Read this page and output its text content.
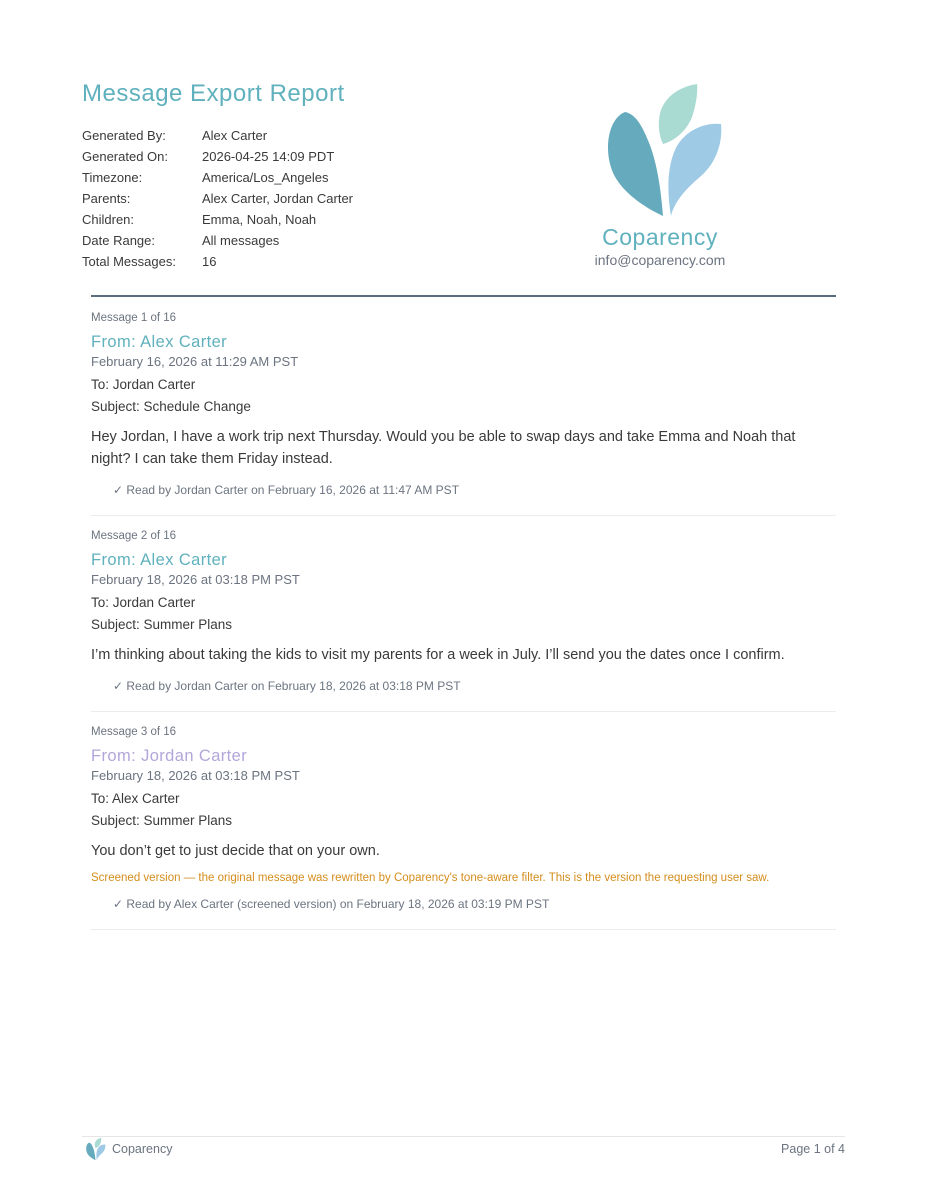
Message Export Report
Generated By:	Alex Carter
Generated On:	2026-04-25 14:09 PDT
Timezone:	America/Los_Angeles
Parents:	Alex Carter, Jordan Carter
Children:	Emma, Noah, Noah
Date Range:	All messages
Total Messages:	16
Coparency
info@coparency.com
Message 1 of 16
From: Alex Carter
February 16, 2026 at 11:29 AM PST
To: Jordan Carter
Subject: Schedule Change
Hey Jordan, I have a work trip next Thursday. Would you be able to swap days and take Emma and Noah that night? I can take them Friday instead.
✓ Read by Jordan Carter on February 16, 2026 at 11:47 AM PST
Message 2 of 16
From: Alex Carter
February 18, 2026 at 03:18 PM PST
To: Jordan Carter
Subject: Summer Plans
I’m thinking about taking the kids to visit my parents for a week in July. I’ll send you the dates once I confirm.
✓ Read by Jordan Carter on February 18, 2026 at 03:18 PM PST
Message 3 of 16
From: Jordan Carter
February 18, 2026 at 03:18 PM PST
To: Alex Carter
Subject: Summer Plans
You don’t get to just decide that on your own.
Screened version — the original message was rewritten by Coparency's tone-aware filter. This is the version the requesting user saw.
✓ Read by Alex Carter (screened version) on February 18, 2026 at 03:19 PM PST
Coparency	Page 1 of 4
